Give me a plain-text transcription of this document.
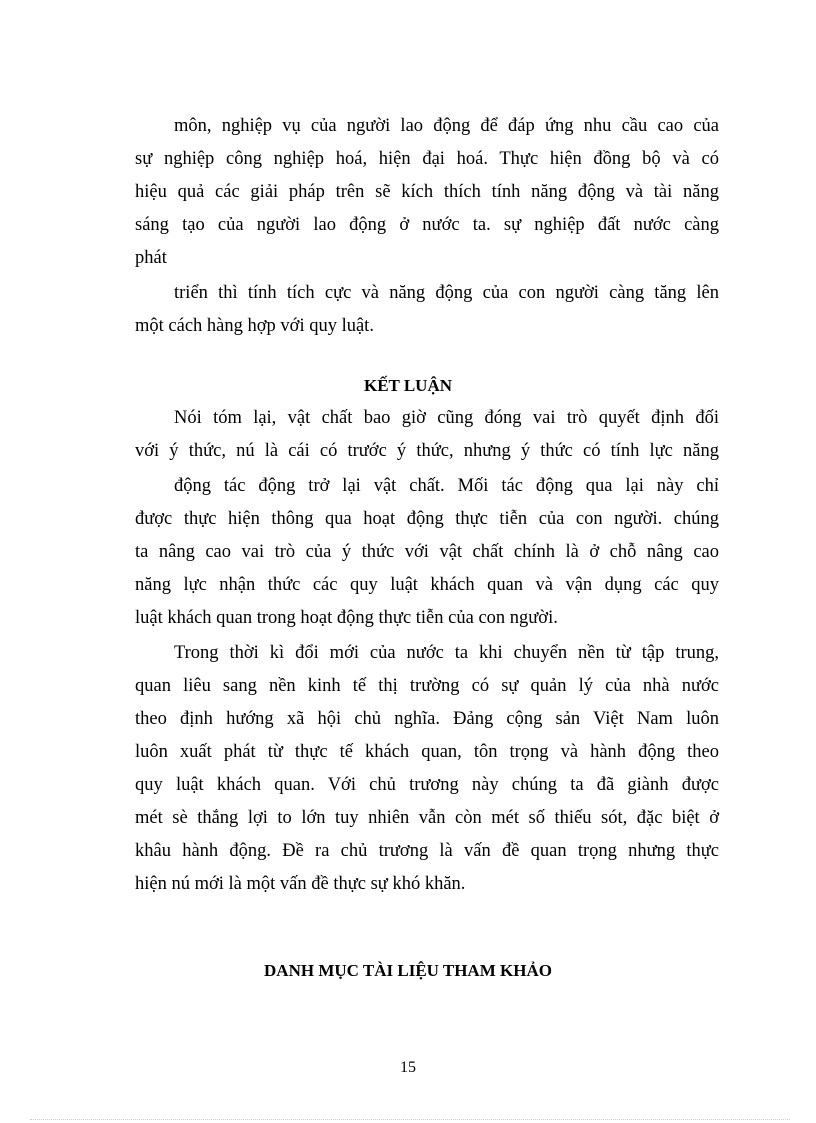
môn, nghiệp vụ của người lao động để đáp ứng nhu cầu cao của
sự nghiệp công nghiệp hoá, hiện đại hoá. Thực hiện đồng bộ và có
hiệu quả các giải pháp trên sẽ kích thích tính năng động và tài năng
sáng tạo của người lao động ở nước ta. sự nghiệp đất nước càng
phát
triển thì tính tích cực và năng động của con người càng tăng lên
một cách hàng hợp với quy luật.
KẾT LUẬN
Nói tóm lại, vật chất bao giờ cũng đóng vai trò quyết định đối
với ý thức, nú là cái có trước ý thức, nhưng ý thức có tính lực năng
động tác động trở lại vật chất. Mối tác động qua lại này chỉ
được thực hiện thông qua hoạt động thực tiễn của con người. chúng
ta nâng cao vai trò của ý thức với vật chất chính là ở chỗ nâng cao
năng lực nhận thức các quy luật khách quan và vận dụng các quy
luật khách quan trong hoạt động thực tiễn của con người.
Trong thời kì đổi mới của nước ta khi chuyển nền từ tập trung,
quan liêu sang nền kinh tế thị trường có sự quản lý của nhà nước
theo định hướng xã hội chủ nghĩa. Đảng cộng sản Việt Nam luôn
luôn xuất phát từ thực tế khách quan, tôn trọng và hành động theo
quy luật khách quan. Với chủ trương này chúng ta đã giành được
mét sè thắng lợi to lớn tuy nhiên vẫn còn mét số thiếu sót, đặc biệt ở
khâu hành động. Đề ra chủ trương là vấn đề quan trọng nhưng thực
hiện nú mới là một vấn đề thực sự khó khăn.
DANH MỤC TÀI LIỆU THAM KHẢO
15
